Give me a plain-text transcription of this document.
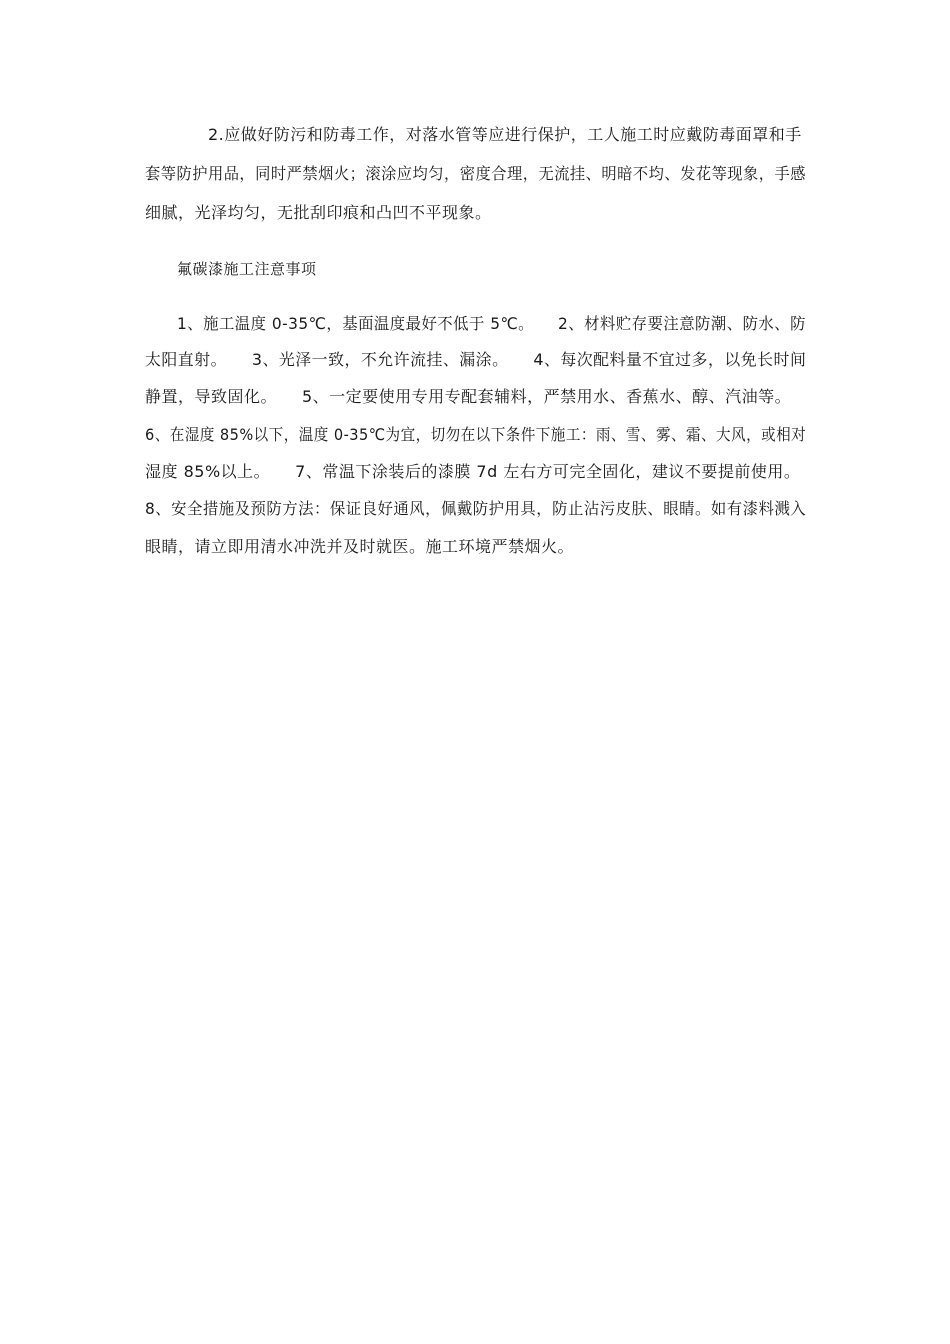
2.应做好防污和防毒工作，对落水管等应进行保护，工人施工时应戴防毒面罩和手
套等防护用品，同时严禁烟火；滚涂应均匀，密度合理，无流挂、明暗不均、发花等现象，手感
细腻，光泽均匀，无批刮印痕和凸凹不平现象。
氟碳漆施工注意事项
1、施工温度 0-35℃，基面温度最好不低于 5℃。　　2、材料贮存要注意防潮、防水、防
太阳直射。　　3、光泽一致，不允许流挂、漏涂。　　4、每次配料量不宜过多，以免长时间
静置，导致固化。　　5、一定要使用专用专配套辅料，严禁用水、香蕉水、醇、汽油等。
6、在湿度 85%以下，温度 0-35℃为宜，切勿在以下条件下施工：雨、雪、雾、霜、大风，或相对
湿度 85%以上。　　7、常温下涂装后的漆膜 7d 左右方可完全固化，建议不要提前使用。
8、安全措施及预防方法：保证良好通风，佩戴防护用具，防止沾污皮肤、眼睛。如有漆料溅入
眼睛，请立即用清水冲洗并及时就医。施工环境严禁烟火。
